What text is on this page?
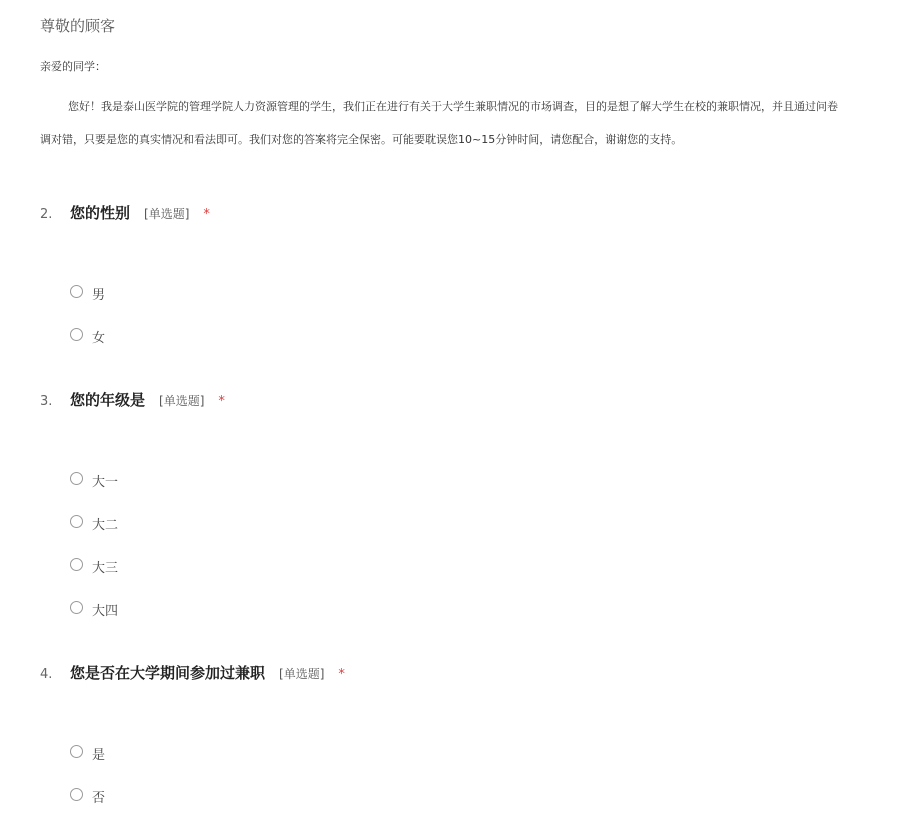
尊敬的顾客
亲爱的同学：
您好！我是泰山医学院的管理学院人力资源管理的学生，我们正在进行有关于大学生兼职情况的市场调查，目的是想了解大学生在校的兼职情况，并且通过问卷
调对错，只要是您的真实情况和看法即可。我们对您的答案将完全保密。可能要耽误您10~15分钟时间，请您配合，谢谢您的支持。
2.	您的性别 [单选题] *
男
女
3.	您的年级是 [单选题] *
大一
大二
大三
大四
4.	您是否在大学期间参加过兼职 [单选题] *
是
否
